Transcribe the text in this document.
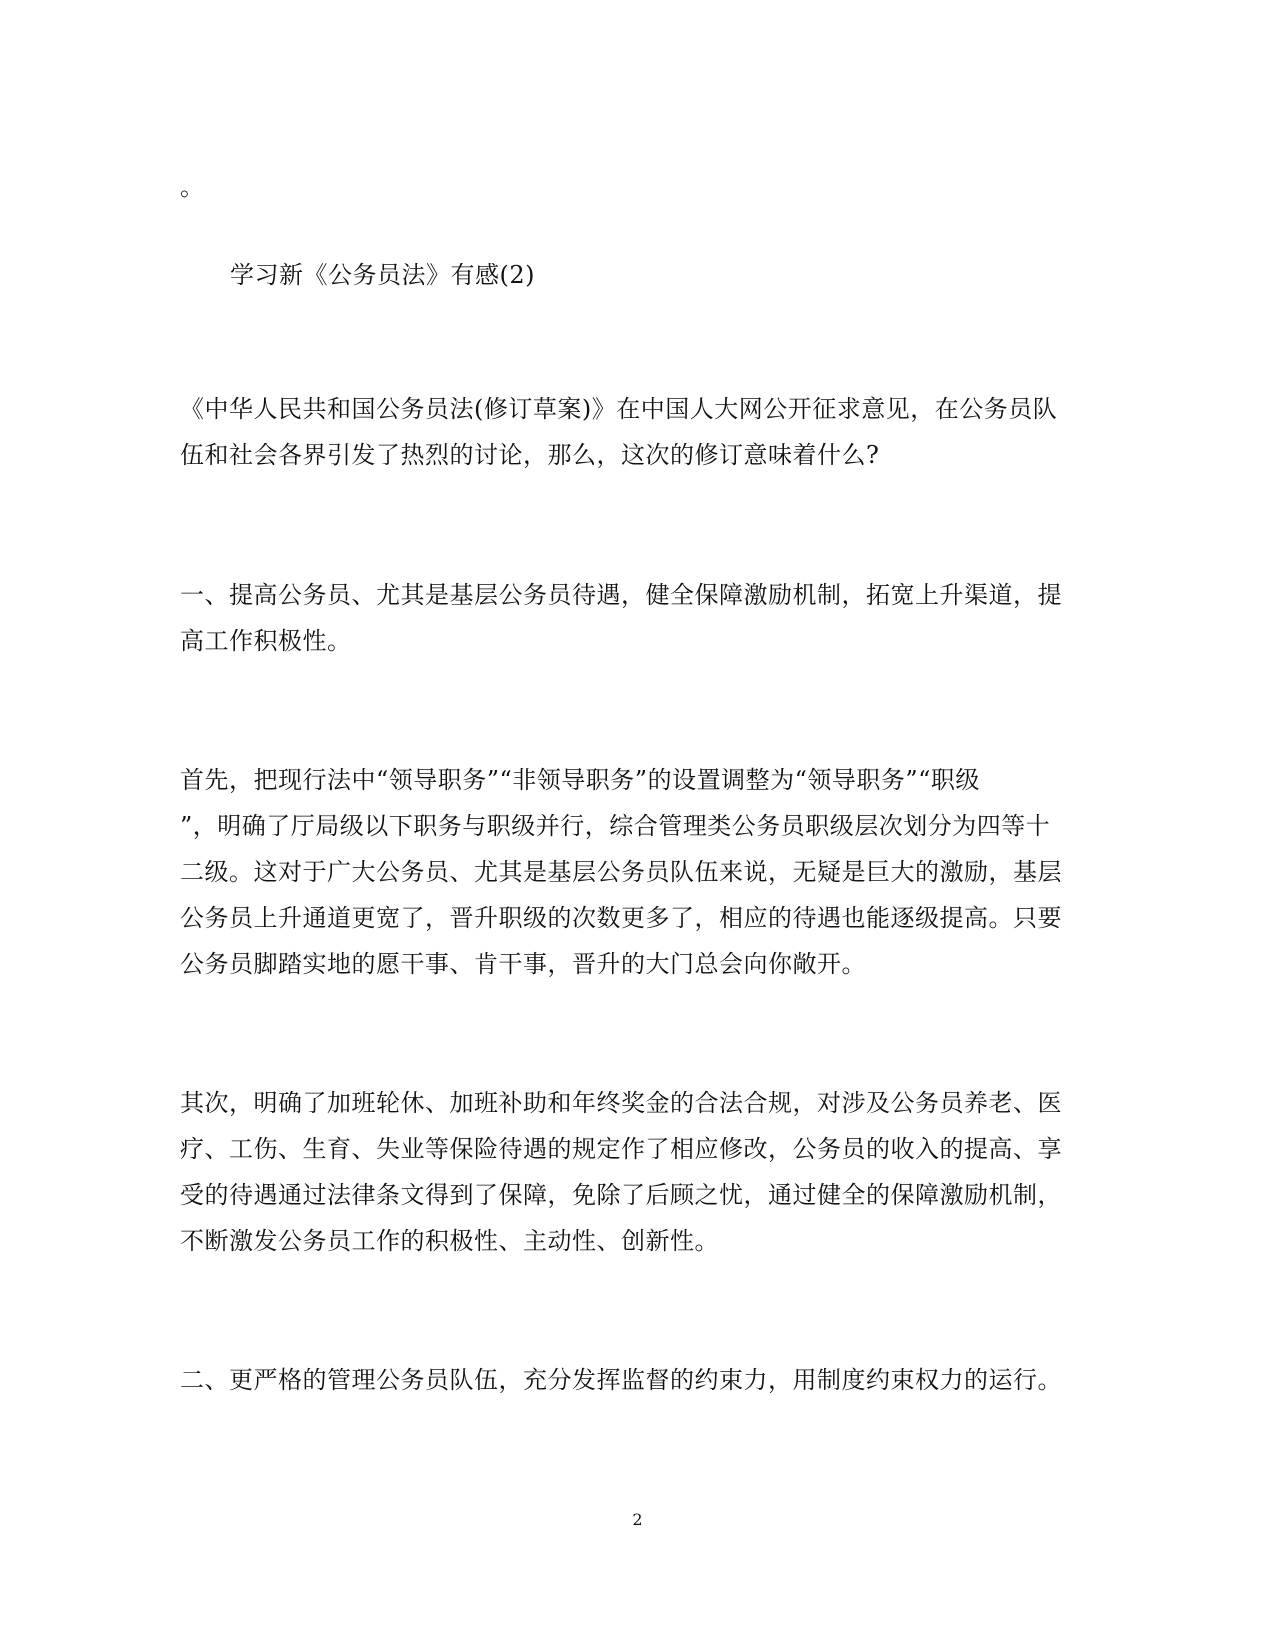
。
学习新《公务员法》有感(2)
《中华人民共和国公务员法(修订草案)》在中国人大网公开征求意见，在公务员队
伍和社会各界引发了热烈的讨论，那么，这次的修订意味着什么?
一、提高公务员、尤其是基层公务员待遇，健全保障激励机制，拓宽上升渠道，提
高工作积极性。
首先，把现行法中“领导职务”“非领导职务”的设置调整为“领导职务”“职级
”，明确了厅局级以下职务与职级并行，综合管理类公务员职级层次划分为四等十
二级。这对于广大公务员、尤其是基层公务员队伍来说，无疑是巨大的激励，基层
公务员上升通道更宽了，晋升职级的次数更多了，相应的待遇也能逐级提高。只要
公务员脚踏实地的愿干事、肯干事，晋升的大门总会向你敞开。
其次，明确了加班轮休、加班补助和年终奖金的合法合规，对涉及公务员养老、医
疗、工伤、生育、失业等保险待遇的规定作了相应修改，公务员的收入的提高、享
受的待遇通过法律条文得到了保障，免除了后顾之忧，通过健全的保障激励机制，
不断激发公务员工作的积极性、主动性、创新性。
二、更严格的管理公务员队伍，充分发挥监督的约束力，用制度约束权力的运行。
2
